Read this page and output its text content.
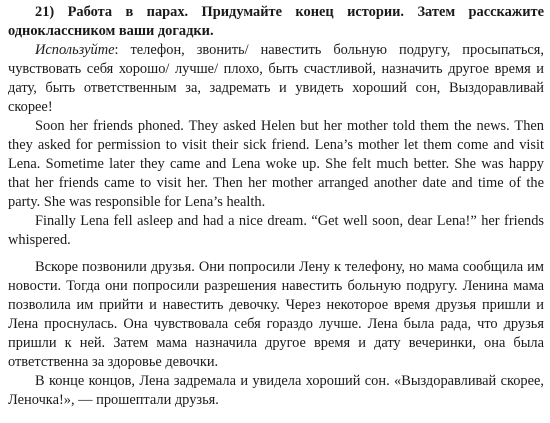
21) Работа в парах. Придумайте конец истории. Затем расскажите одноклассником ваши догадки.

Используйте: телефон, звонить/ навестить больную подругу, просыпаться, чувствовать себя хорошо/ лучше/ плохо, быть счастливой, назначить другое время и дату, быть ответственным за, задремать и увидеть хороший сон, Выздоравливай скорее!

Soon her friends phoned. They asked Helen but her mother told them the news. Then they asked for permission to visit their sick friend. Lena’s mother let them come and visit Lena. Sometime later they came and Lena woke up. She felt much better. She was happy that her friends came to visit her. Then her mother arranged another date and time of the party. She was responsible for Lena’s health.

Finally Lena fell asleep and had a nice dream. “Get well soon, dear Lena!” her friends whispered.

Вскоре позвонили друзья. Они попросили Лену к телефону, но мама сообщила им новости. Тогда они попросили разрешения навестить больную подругу. Ленина мама позволила им прийти и навестить девочку. Через некоторое время друзья пришли и Лена проснулась. Она чувствовала себя гораздо лучше. Лена была рада, что друзья пришли к ней. Затем мама назначила другое время и дату вечеринки, она была ответственна за здоровье девочки.

В конце концов, Лена задремала и увидела хороший сон. «Выздоравливай скорее, Леночка!», — прошептали друзья.
